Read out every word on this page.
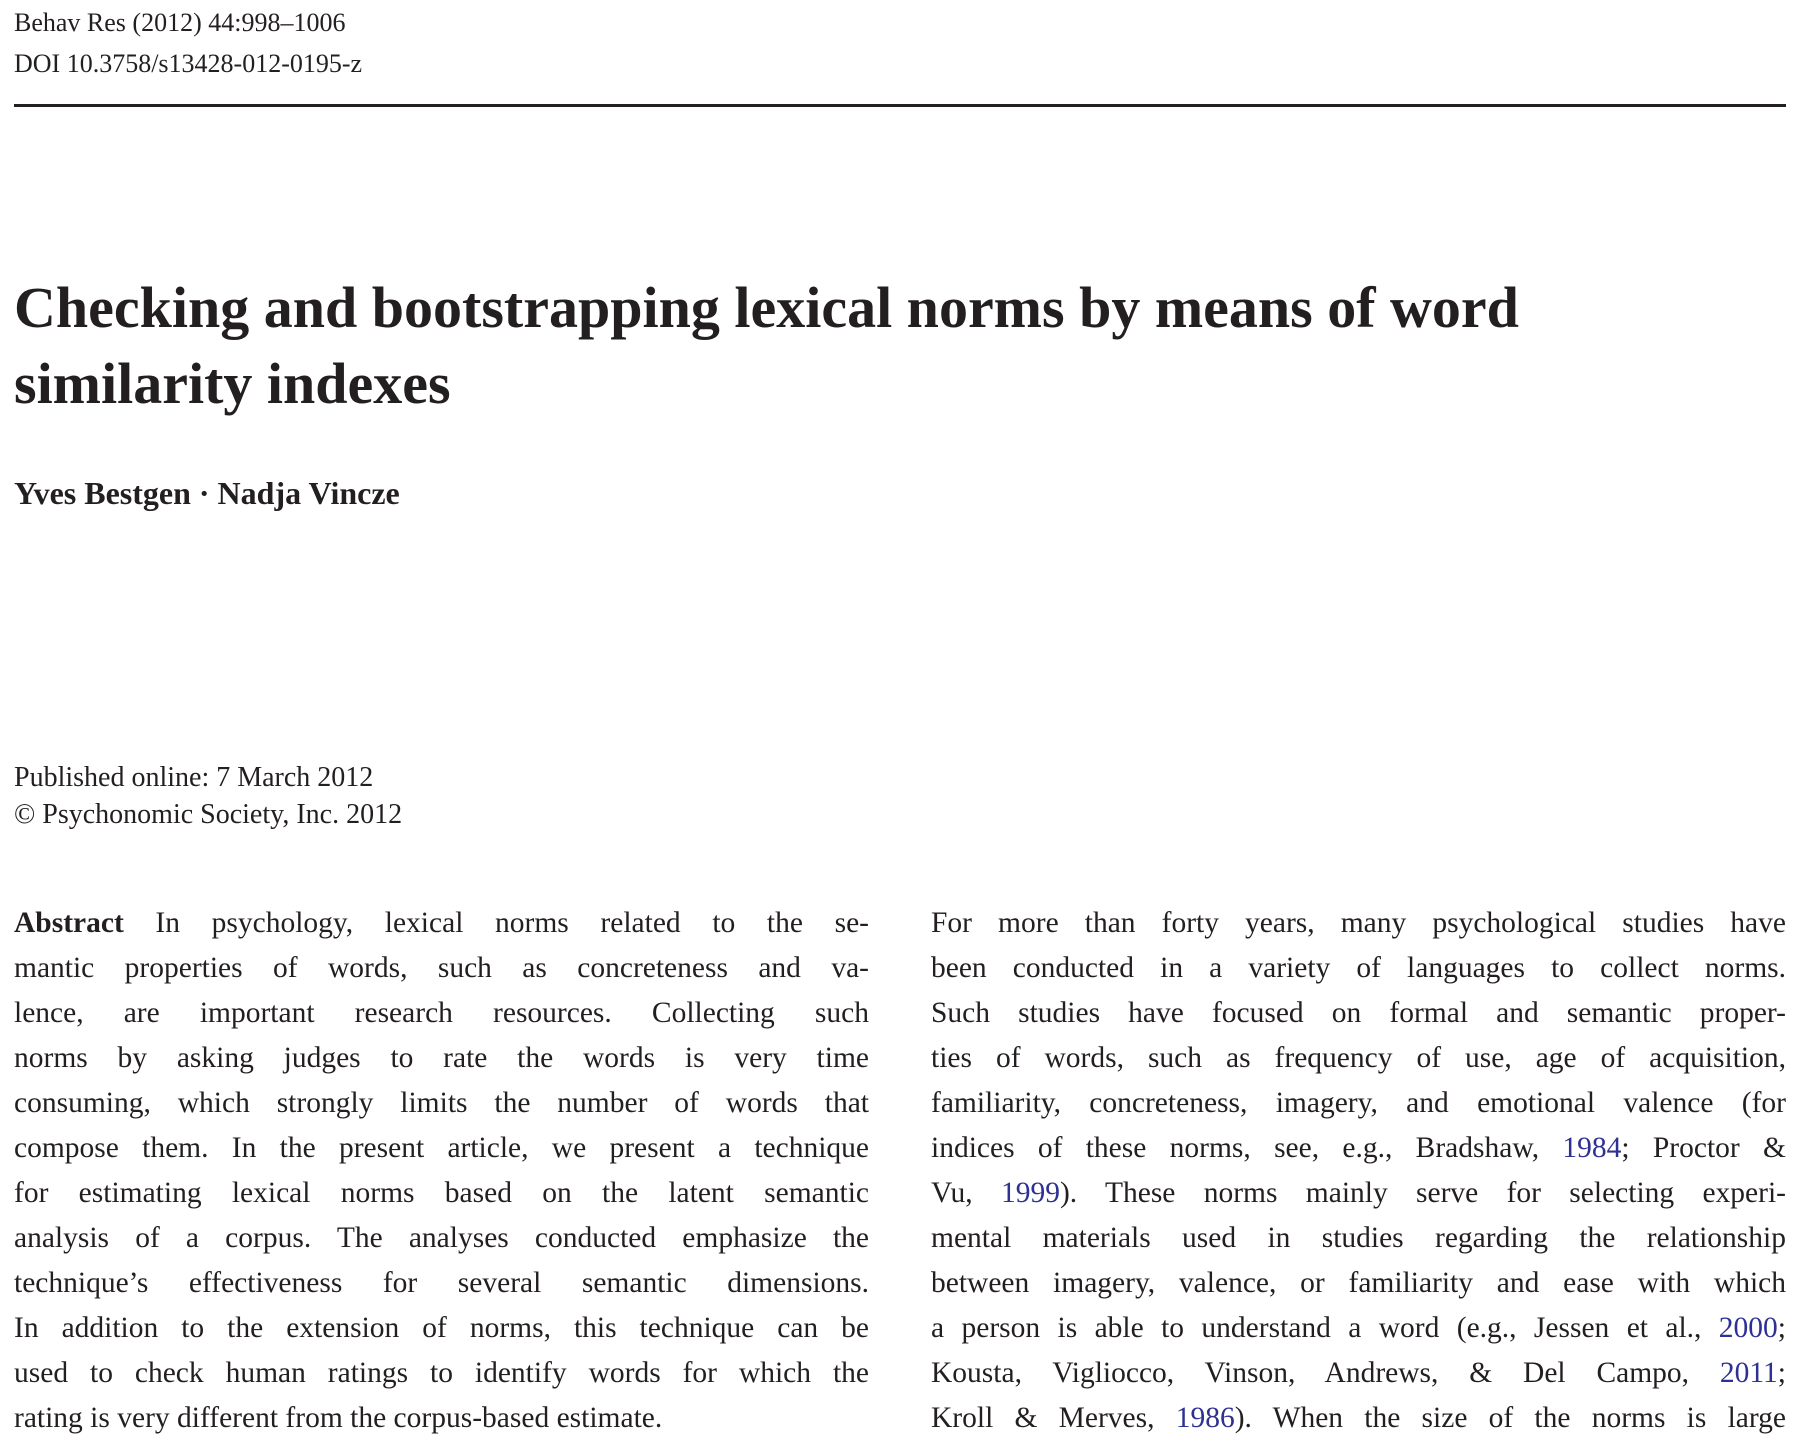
Behav Res (2012) 44:998–1006
DOI 10.3758/s13428-012-0195-z
Checking and bootstrapping lexical norms by means of word
similarity indexes
Yves Bestgen · Nadja Vincze
Published online: 7 March 2012
© Psychonomic Society, Inc. 2012
Abstract In psychology, lexical norms related to the se-
mantic properties of words, such as concreteness and va-
lence, are important research resources. Collecting such
norms by asking judges to rate the words is very time
consuming, which strongly limits the number of words that
compose them. In the present article, we present a technique
for estimating lexical norms based on the latent semantic
analysis of a corpus. The analyses conducted emphasize the
technique’s effectiveness for several semantic dimensions.
In addition to the extension of norms, this technique can be
used to check human ratings to identify words for which the
rating is very different from the corpus-based estimate.
For more than forty years, many psychological studies have
been conducted in a variety of languages to collect norms.
Such studies have focused on formal and semantic proper-
ties of words, such as frequency of use, age of acquisition,
familiarity, concreteness, imagery, and emotional valence (for
indices of these norms, see, e.g., Bradshaw, 1984; Proctor &
Vu, 1999). These norms mainly serve for selecting experi-
mental materials used in studies regarding the relationship
between imagery, valence, or familiarity and ease with which
a person is able to understand a word (e.g., Jessen et al., 2000;
Kousta, Vigliocco, Vinson, Andrews, & Del Campo, 2011;
Kroll & Merves, 1986). When the size of the norms is large
